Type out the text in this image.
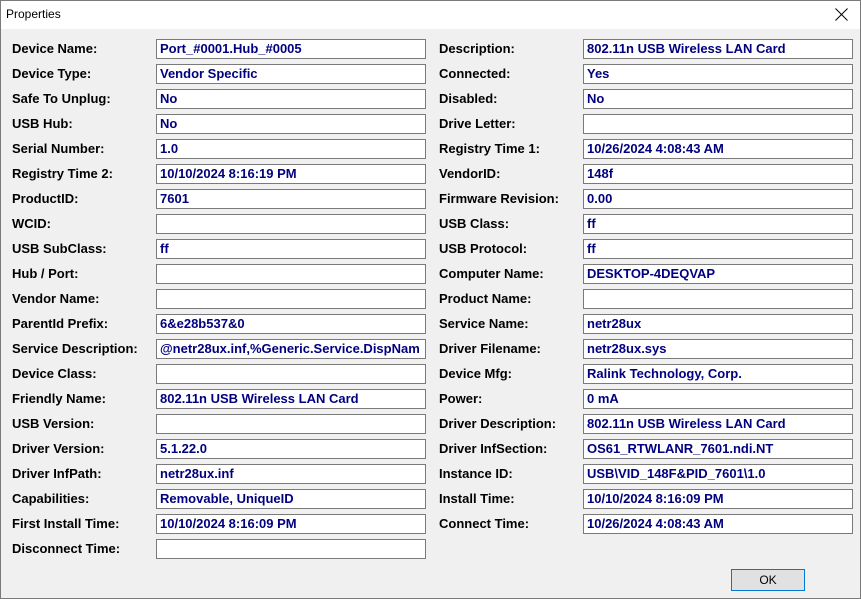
Properties
Device Name:	Port_#0001.Hub_#0005
Device Type:	Vendor Specific
Safe To Unplug:	No
USB Hub:	No
Serial Number:	1.0
Registry Time 2:	10/10/2024 8:16:19 PM
ProductID:	7601
WCID:
USB SubClass:	ff
Hub / Port:
Vendor Name:
ParentId Prefix:	6&e28b537&0
Service Description:	@netr28ux.inf,%Generic.Service.DispNam
Device Class:
Friendly Name:	802.11n USB Wireless LAN Card
USB Version:
Driver Version:	5.1.22.0
Driver InfPath:	netr28ux.inf
Capabilities:	Removable, UniqueID
First Install Time:	10/10/2024 8:16:09 PM
Disconnect Time:
Description:	802.11n USB Wireless LAN Card
Connected:	Yes
Disabled:	No
Drive Letter:
Registry Time 1:	10/26/2024 4:08:43 AM
VendorID:	148f
Firmware Revision:	0.00
USB Class:	ff
USB Protocol:	ff
Computer Name:	DESKTOP-4DEQVAP
Product Name:
Service Name:	netr28ux
Driver Filename:	netr28ux.sys
Device Mfg:	Ralink Technology, Corp.
Power:	0 mA
Driver Description:	802.11n USB Wireless LAN Card
Driver InfSection:	OS61_RTWLANR_7601.ndi.NT
Instance ID:	USB\VID_148F&PID_7601\1.0
Install Time:	10/10/2024 8:16:09 PM
Connect Time:	10/26/2024 4:08:43 AM
OK
